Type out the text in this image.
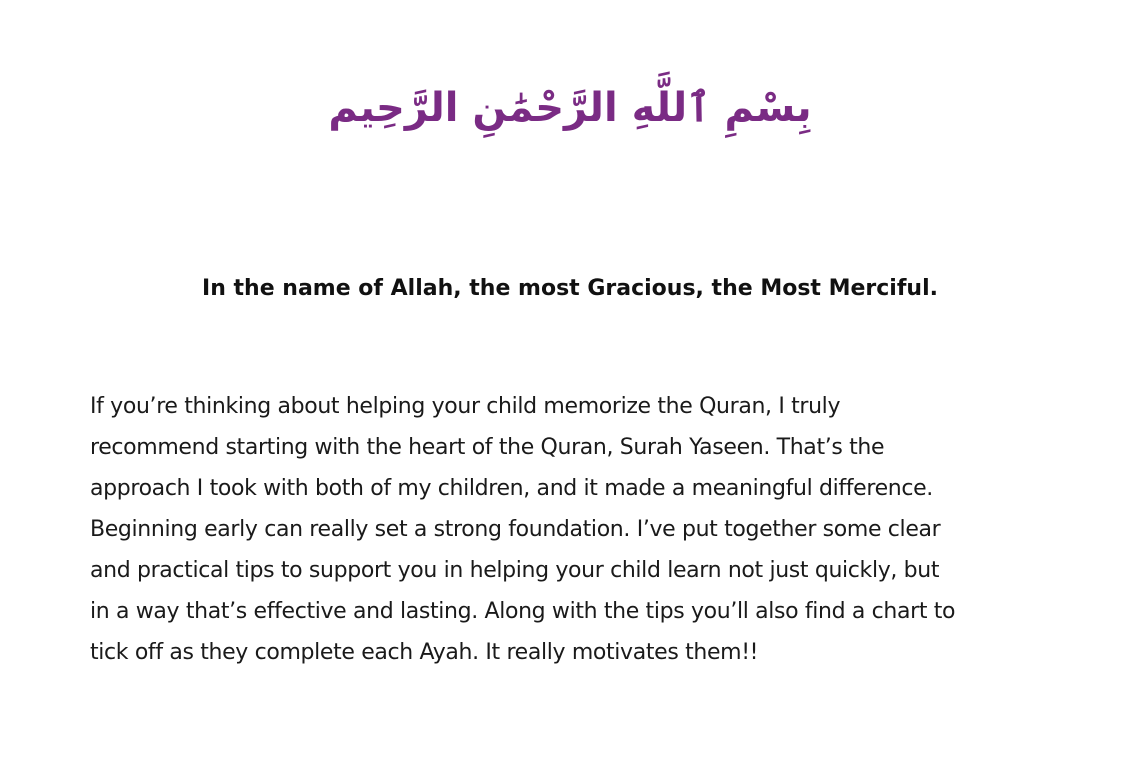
بِسْمِ ٱللَّهِ الرَّحْمَٰنِ الرَّحِيم
In the name of Allah, the most Gracious, the Most Merciful.

If you’re thinking about helping your child memorize the Quran, I truly
recommend starting with the heart of the Quran, Surah Yaseen. That’s the
approach I took with both of my children, and it made a meaningful difference.
Beginning early can really set a strong foundation. I’ve put together some clear
and practical tips to support you in helping your child learn not just quickly, but
in a way that’s effective and lasting. Along with the tips you’ll also find a chart to
tick off as they complete each Ayah. It really motivates them!!
